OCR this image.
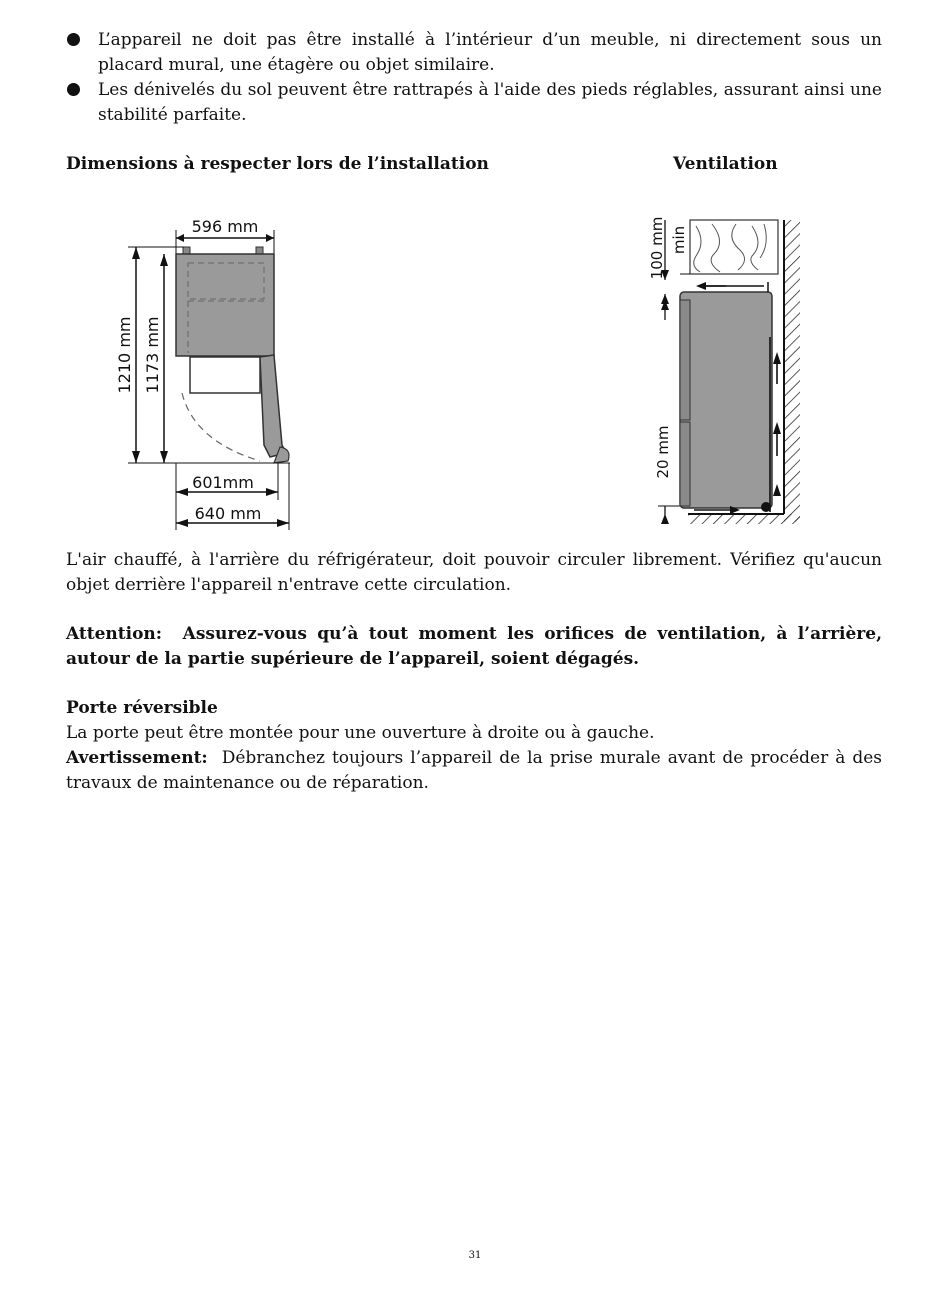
L’appareil ne doit pas être installé à l’intérieur d’un meuble, ni directement sous un placard mural, une étagère ou objet similaire.
Les dénivelés du sol peuvent être rattrapés à l'aide des pieds réglables, assurant ainsi une stabilité parfaite.
Dimensions à respecter lors de l’installation	Ventilation
596 mm
1210 mm 1173 mm
601mm
640 mm
100 mm min
20 mm
L'air chauffé, à l'arrière du réfrigérateur, doit pouvoir circuler librement. Vérifiez qu'aucun objet derrière l'appareil n'entrave cette circulation.
Attention: Assurez-vous qu’à tout moment les orifices de ventilation, à l’arrière, autour de la partie supérieure de l’appareil, soient dégagés.
Porte réversible
La porte peut être montée pour une ouverture à droite ou à gauche.
Avertissement: Débranchez toujours l’appareil de la prise murale avant de procéder à des travaux de maintenance ou de réparation.
31
